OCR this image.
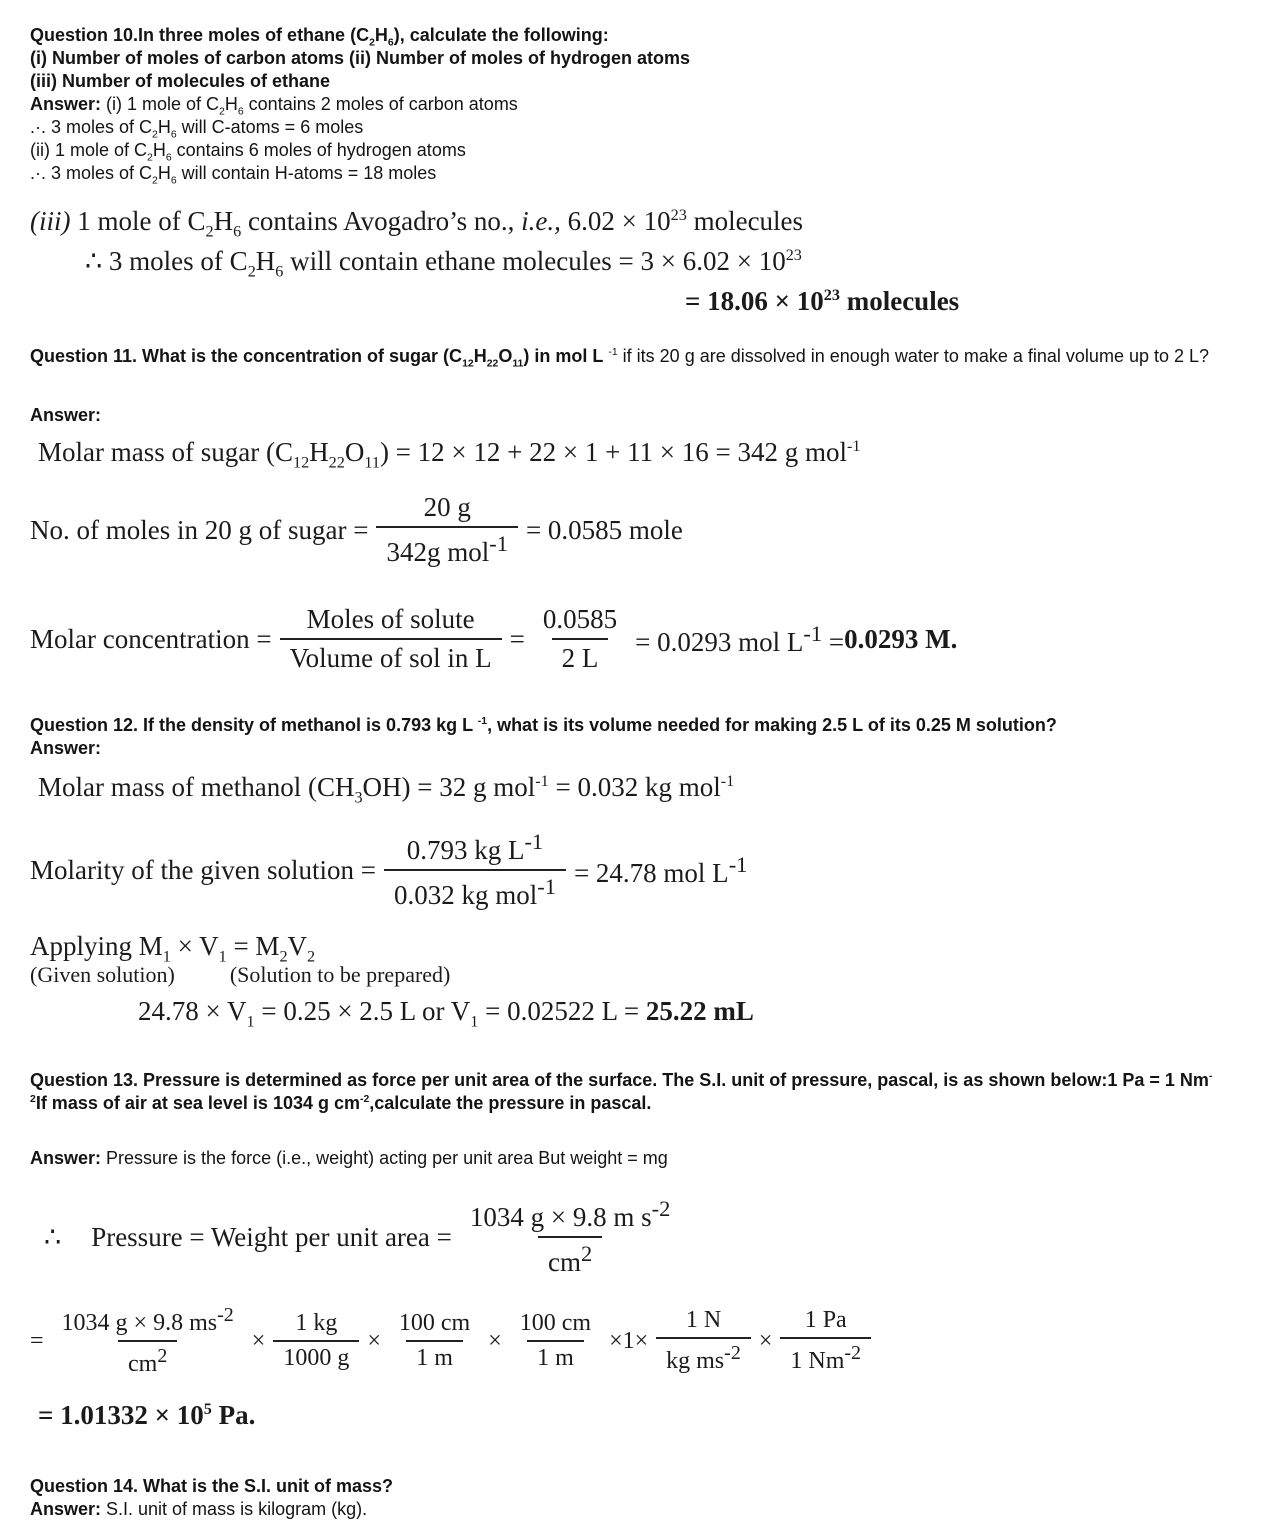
Question 10.In three moles of ethane $(C_2H_6)$, calculate the following:
(i) Number of moles of carbon atoms (ii) Number of moles of hydrogen atoms
(iii) Number of molecules of ethane
Answer: (i) 1 mole of $C_2H_6$ contains 2 moles of carbon atoms
.·. 3 moles of $C_2H_6$ will C-atoms = 6 moles
(ii) 1 mole of $C_2H_6$ contains 6 moles of hydrogen atoms
.·. 3 moles of $C_2H_6$ will contain H-atoms = 18 moles
(iii) 1 mole of $C_2H_6$ contains Avogadro’s no., i.e., $6.02 \times 10^{23}$ molecules
∴ 3 moles of $C_2H_6$ will contain ethane molecules = $3 \times 6.02 \times 10^{23}$
= $18.06 \times 10^{23}$ molecules
Question 11. What is the concentration of sugar $(C_{12}H_{22}O_{11})$ in mol L $^{-1}$ if its 20 g are dissolved in enough water to make a final volume up to 2 L?
Answer:
Molar mass of sugar $(C_{12}H_{22}O_{11}) = 12 \times 12 + 22 \times 1 + 11 \times 16 = 342$ g mol$^{-1}$
No. of moles in 20 g of sugar = $\frac{20 g}{342g mol^{-1}} = 0.0585$ mole
Molar concentration = $\frac{\text{Moles of solute}}{\text{Volume of sol in L}} = \frac{0.0585}{2 L} = 0.0293$ mol $L^{-1} = 0.0293$ M.
Question 12. If the density of methanol is 0.793 kg L $^{-1}$, what is its volume needed for making 2.5 L of its 0.25 M solution?
Answer:
Molar mass of methanol $(CH_3OH) = 32$ g mol$^{-1}$ = 0.032 kg mol$^{-1}$
Molarity of the given solution = $\frac{0.793 kg L^{-1}}{0.032 kg mol^{-1}} = 24.78$ mol $L^{-1}$
Applying $M_1 \times V_1 = M_2V_2$
(Given solution)	(Solution to be prepared)
$24.78 \times V_1 = 0.25 \times 2.5$ L or $V_1 = 0.02522$ L = 25.22 mL
Question 13. Pressure is determined as force per unit area of the surface. The S.I. unit of pressure, pascal, is as shown below:1 Pa = 1 Nm-
$^2$If mass of air at sea level is 1034 g $cm^{-2},calculate$ the pressure in pascal.
Answer: Pressure is the force (i.e., weight) acting per unit area But weight = mg
∴ Pressure = Weight per unit area = $\frac{1034 g \times 9.8 m s^{-2}}{cm^2}$
= $\frac{1034 g \times 9.8 ms^{-2}}{cm^2} \times \frac{1 kg}{1000 g} \times \frac{100 cm}{1 m} \times \frac{100 cm}{1 m} \times 1\times \frac{1 N}{kg ms^{-2}} \times \frac{1 Pa}{1 Nm^{-2}}$
= $1.01332 \times 10^5$ Pa.
Question 14. What is the S.I. unit of mass?
Answer: S.I. unit of mass is kilogram (kg).
